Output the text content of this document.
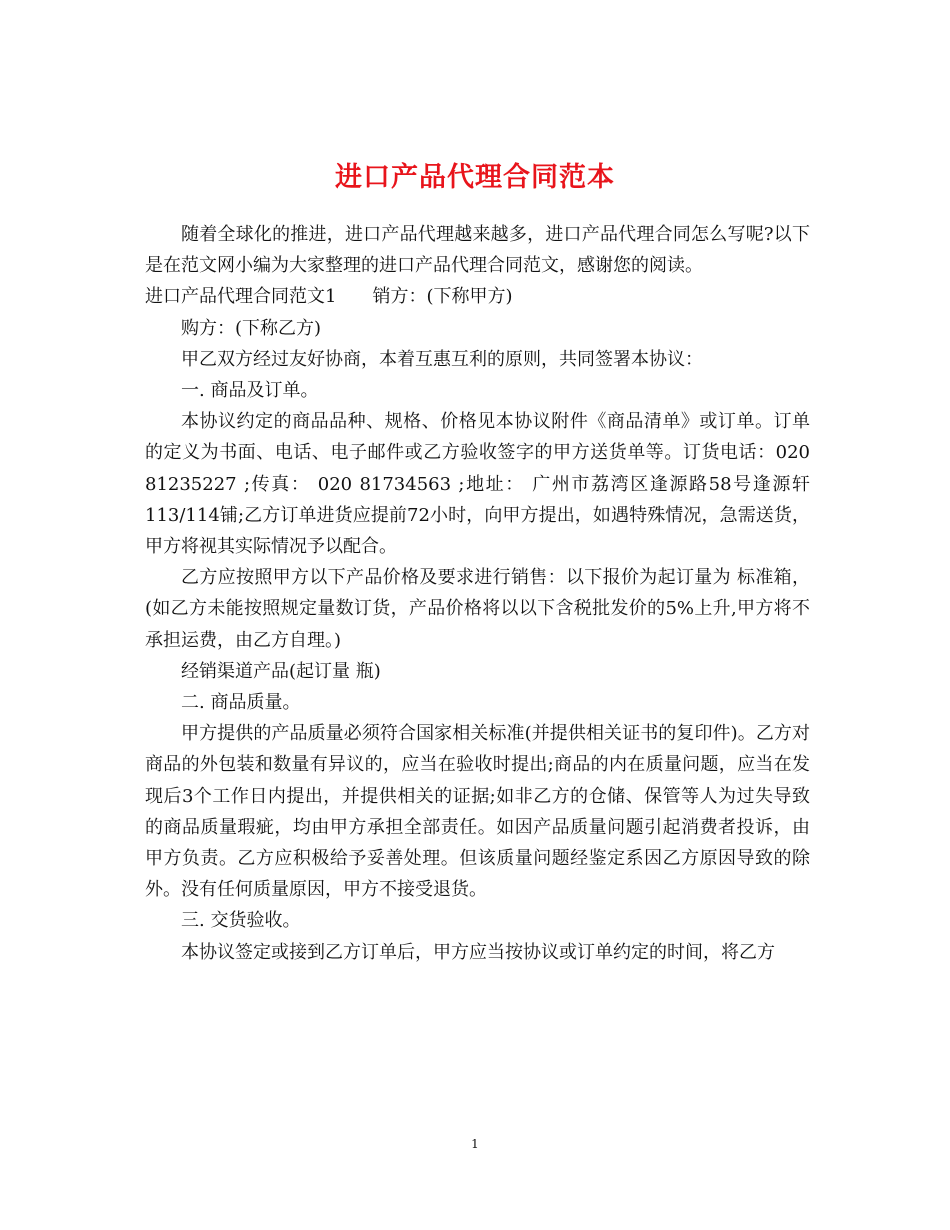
进口产品代理合同范本

随着全球化的推进，进口产品代理越来越多，进口产品代理合同怎么写呢?以下是在范文网小编为大家整理的进口产品代理合同范文，感谢您的阅读。

进口产品代理合同范文1 销方：(下称甲方)

购方：(下称乙方)

甲乙双方经过友好协商，本着互惠互利的原则，共同签署本协议：

一. 商品及订单。

本协议约定的商品品种、规格、价格见本协议附件《商品清单》或订单。订单的定义为书面、电话、电子邮件或乙方验收签字的甲方送货单等。订货电话：020 81235227 ;传真： 020 81734563 ;地址： 广州市荔湾区逢源路58号逢源轩113/114铺;乙方订单进货应提前72小时，向甲方提出，如遇特殊情况，急需送货，甲方将视其实际情况予以配合。

乙方应按照甲方以下产品价格及要求进行销售：以下报价为起订量为 标准箱，(如乙方未能按照规定量数订货，产品价格将以以下含税批发价的5%上升,甲方将不承担运费，由乙方自理。)

经销渠道产品(起订量 瓶)

二. 商品质量。

甲方提供的产品质量必须符合国家相关标准(并提供相关证书的复印件)。乙方对商品的外包装和数量有异议的，应当在验收时提出;商品的内在质量问题，应当在发现后3个工作日内提出，并提供相关的证据;如非乙方的仓储、保管等人为过失导致的商品质量瑕疵，均由甲方承担全部责任。如因产品质量问题引起消费者投诉，由甲方负责。乙方应积极给予妥善处理。但该质量问题经鉴定系因乙方原因导致的除外。没有任何质量原因，甲方不接受退货。

三. 交货验收。

本协议签定或接到乙方订单后，甲方应当按协议或订单约定的时间，将乙方

1
